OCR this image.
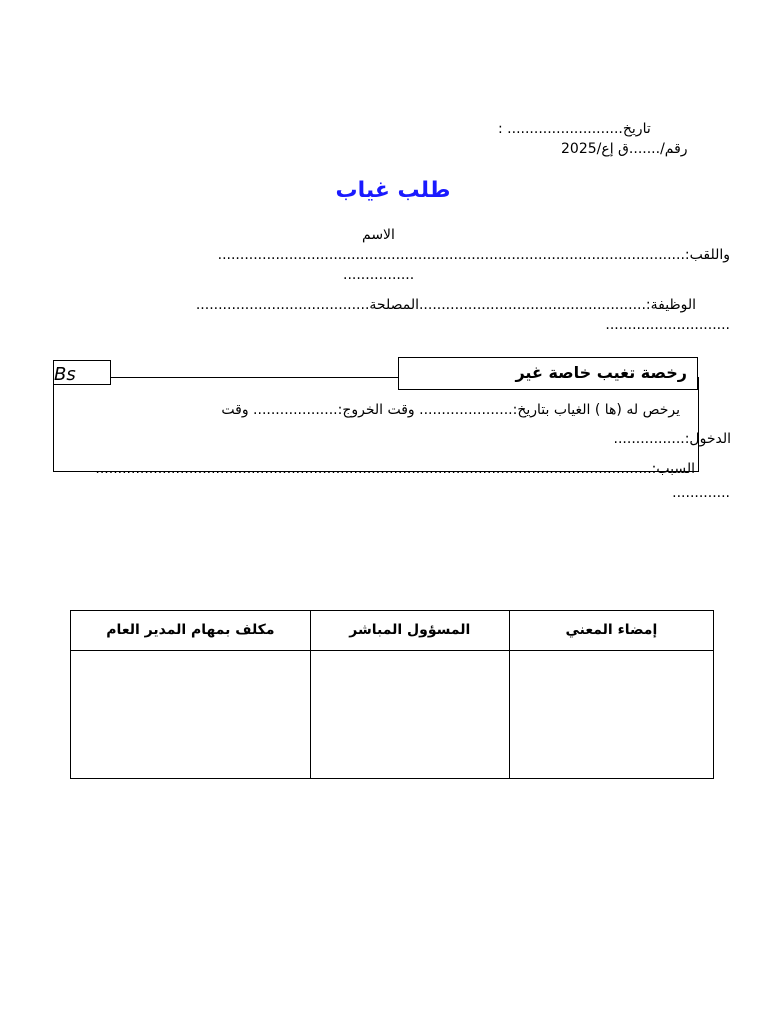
تاريخ.......................... :
رقم/.......ق إع/2025
طلب غياب
الاسم
واللقب:.........................................................................................................
................
الوظيفة:...................................................المصلحة.......................................
............................
Bs	رخصة تغيب خاصة غير
يرخص له (ها ) الغياب بتاريخ:..................... وقت الخروج:................... وقت
الدخول:................
السبب:.............................................................................................................................
.............
إمضاء المعني	المسؤول المباشر	مكلف بمهام المدير العام
